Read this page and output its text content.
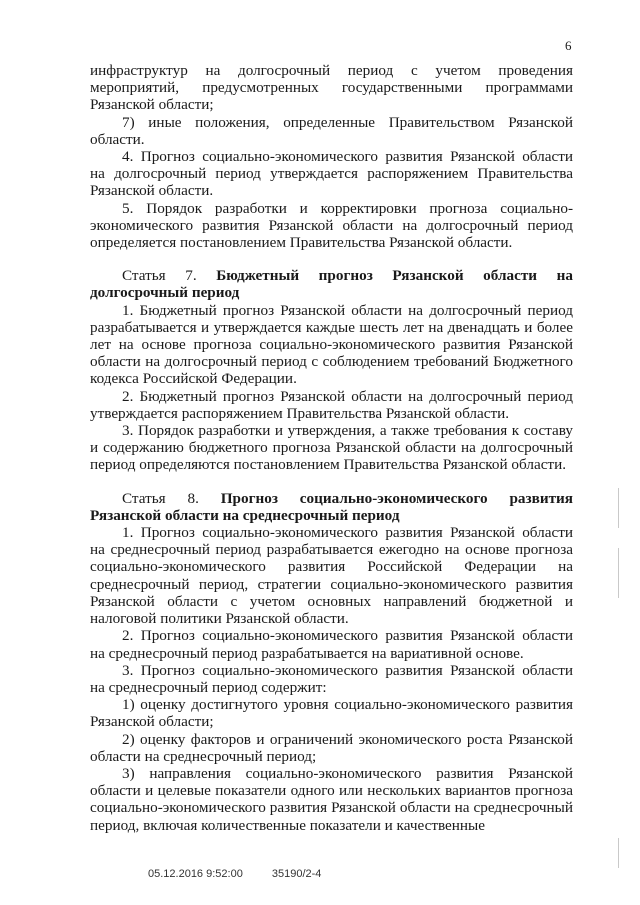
6

инфраструктур на долгосрочный период с учетом проведения мероприятий, предусмотренных государственными программами Рязанской области;

7) иные положения, определенные Правительством Рязанской области.

4. Прогноз социально-экономического развития Рязанской области на долгосрочный период утверждается распоряжением Правительства Рязанской области.

5. Порядок разработки и корректировки прогноза социально-экономического развития Рязанской области на долгосрочный период определяется постановлением Правительства Рязанской области.

Статья 7. Бюджетный прогноз Рязанской области на долгосрочный период

1. Бюджетный прогноз Рязанской области на долгосрочный период разрабатывается и утверждается каждые шесть лет на двенадцать и более лет на основе прогноза социально-экономического развития Рязанской области на долгосрочный период с соблюдением требований Бюджетного кодекса Российской Федерации.

2. Бюджетный прогноз Рязанской области на долгосрочный период утверждается распоряжением Правительства Рязанской области.

3. Порядок разработки и утверждения, а также требования к составу и содержанию бюджетного прогноза Рязанской области на долгосрочный период определяются постановлением Правительства Рязанской области.

Статья 8. Прогноз социально-экономического развития Рязанской области на среднесрочный период

1. Прогноз социально-экономического развития Рязанской области на среднесрочный период разрабатывается ежегодно на основе прогноза социально-экономического развития Российской Федерации на среднесрочный период, стратегии социально-экономического развития Рязанской области с учетом основных направлений бюджетной и налоговой политики Рязанской области.

2. Прогноз социально-экономического развития Рязанской области на среднесрочный период разрабатывается на вариативной основе.

3. Прогноз социально-экономического развития Рязанской области на среднесрочный период содержит:

1) оценку достигнутого уровня социально-экономического развития Рязанской области;

2) оценку факторов и ограничений экономического роста Рязанской области на среднесрочный период;

3) направления социально-экономического развития Рязанской области и целевые показатели одного или нескольких вариантов прогноза социально-экономического развития Рязанской области на среднесрочный период, включая количественные показатели и качественные

05.12.2016 9:52:00	35190/2-4
